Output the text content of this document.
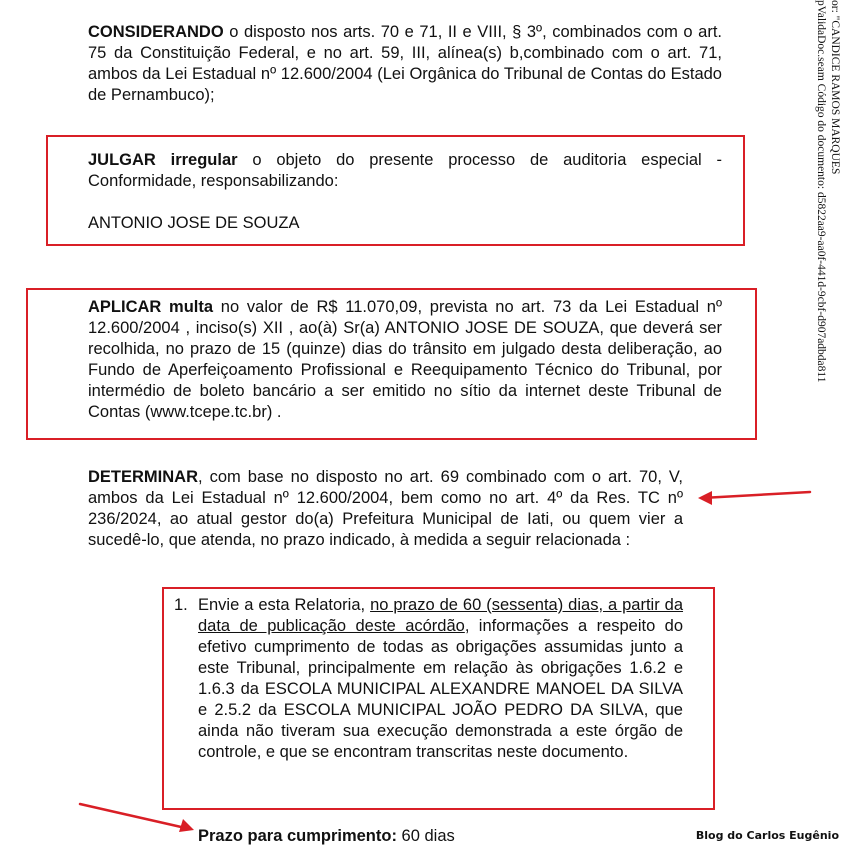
CONSIDERANDO o disposto nos arts. 70 e 71, II e VIII, § 3º, combinados com o art. 75 da Constituição Federal, e no art. 59, III, alínea(s) b,combinado com o art. 71, ambos da Lei Estadual nº 12.600/2004 (Lei Orgânica do Tribunal de Contas do Estado de Pernambuco);
JULGAR irregular o objeto do presente processo de auditoria especial - Conformidade, responsabilizando:
ANTONIO JOSE DE SOUZA
APLICAR multa no valor de R$ 11.070,09, prevista no art. 73 da Lei Estadual nº 12.600/2004 , inciso(s) XII , ao(à) Sr(a) ANTONIO JOSE DE SOUZA, que deverá ser recolhida, no prazo de 15 (quinze) dias do trânsito em julgado desta deliberação, ao Fundo de Aperfeiçoamento Profissional e Reequipamento Técnico do Tribunal, por intermédio de boleto bancário a ser emitido no sítio da internet deste Tribunal de Contas (www.tcepe.tc.br) .
DETERMINAR, com base no disposto no art. 69 combinado com o art. 70, V, ambos da Lei Estadual nº 12.600/2004, bem como no art. 4º da Res. TC nº 236/2024, ao atual gestor do(a) Prefeitura Municipal de Iati, ou quem vier a sucedê-lo, que atenda, no prazo indicado, à medida a seguir relacionada :
1. Envie a esta Relatoria, no prazo de 60 (sessenta) dias, a partir da data de publicação deste acórdão, informações a respeito do efetivo cumprimento de todas as obrigações assumidas junto a este Tribunal, principalmente em relação às obrigações 1.6.2 e 1.6.3 da ESCOLA MUNICIPAL ALEXANDRE MANOEL DA SILVA e 2.5.2 da ESCOLA MUNICIPAL JOÃO PEDRO DA SILVA, que ainda não tiveram sua execução demonstrada a este órgão de controle, e que se encontram transcritas neste documento.
Prazo para cumprimento: 60 dias
or: "CANDICE RAMOS MARQUES
pValidaDoc.seam Código do documento: d5822aa9-aa0f-441d-9cbf-d907adbda811
Blog do Carlos Eugênio
